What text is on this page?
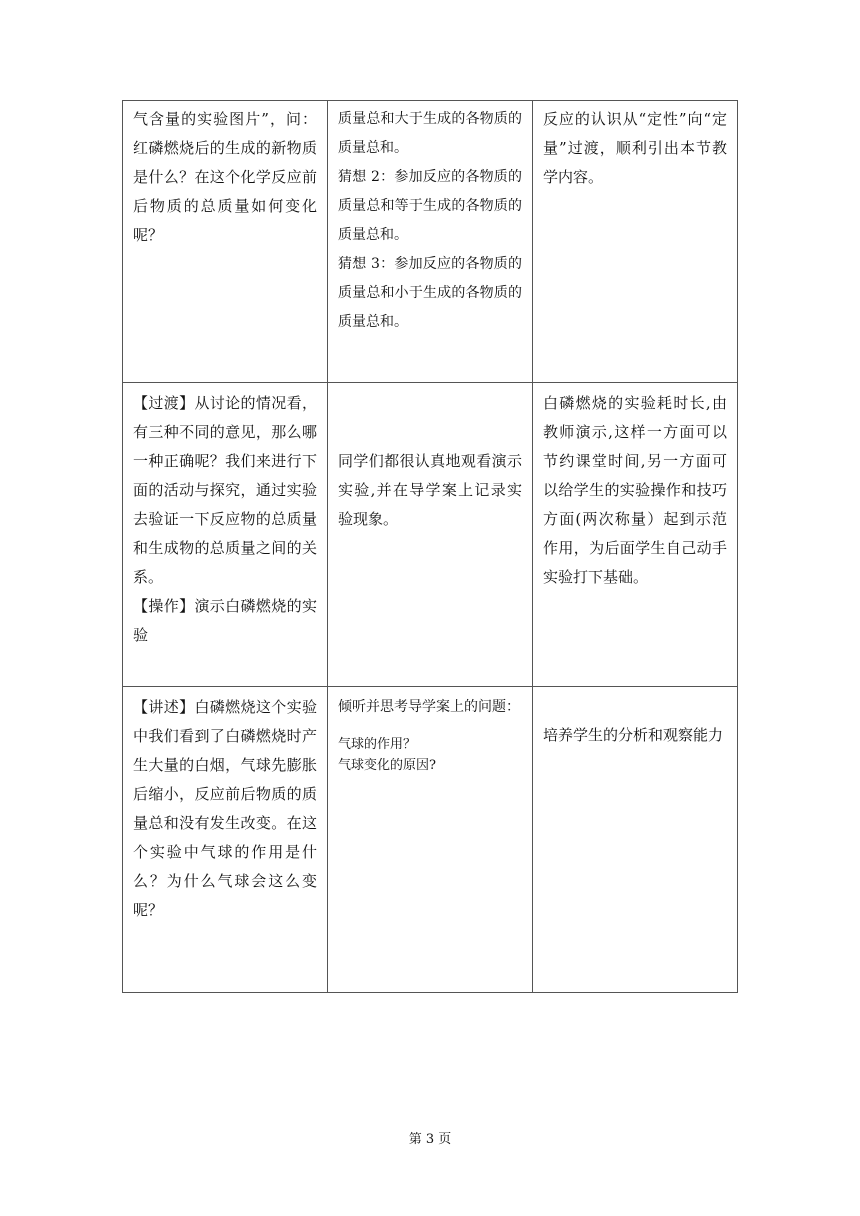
气含量的实验图片”，问：红磷燃烧后的生成的新物质是什么？在这个化学反应前后物质的总质量如何变化呢？	质量总和大于生成的各物质的质量总和。

猜想 2：参加反应的各物质的质量总和等于生成的各物质的质量总和。

猜想 3：参加反应的各物质的质量总和小于生成的各物质的质量总和。	反应的认识从“定性”向“定量”过渡，顺利引出本节教学内容。

【过渡】从讨论的情况看，有三种不同的意见，那么哪一种正确呢？我们来进行下面的活动与探究，通过实验去验证一下反应物的总质量和生成物的总质量之间的关系。

【操作】演示白磷燃烧的实验	同学们都很认真地观看演示实验,并在导学案上记录实验现象。	白磷燃烧的实验耗时长,由教师演示,这样一方面可以节约课堂时间,另一方面可以给学生的实验操作和技巧方面(两次称量）起到示范作用，为后面学生自己动手实验打下基础。

【讲述】白磷燃烧这个实验中我们看到了白磷燃烧时产生大量的白烟，气球先膨胀后缩小，反应前后物质的质量总和没有发生改变。在这个实验中气球的作用是什么？为什么气球会这么变呢？	倾听并思考导学案上的问题：

气球的作用？

气球变化的原因?	培养学生的分析和观察能力

第 3 页
